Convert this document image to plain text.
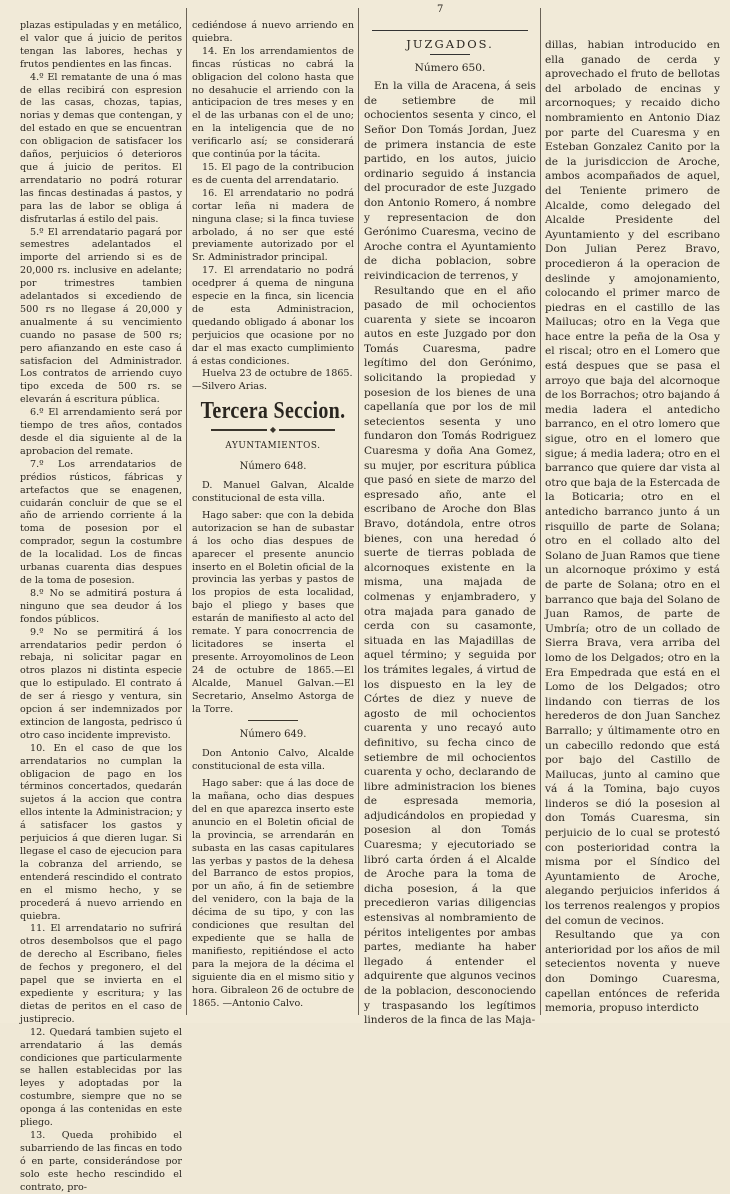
7

plazas estipuladas y en metálico, el valor que á juicio de peritos tengan las labores, hechas y frutos pendientes en las fincas.

4.º El rematante de una ó mas de ellas recibirá con espresion de las casas, chozas, tapias, norias y demas que contengan, y del estado en que se encuentran con obligacion de satisfacer los daños, perjuicios ó deterioros que á juicio de peritos. El arrendatario no podrá roturar las fincas destinadas á pastos, y para las de labor se obliga á disfrutarlas á estilo del pais.

5.º El arrendatario pagará por semestres adelantados el importe del arriendo si es de 20,000 rs. inclusive en adelante; por trimestres tambien adelantados si excediendo de 500 rs no llegase á 20,000 y anualmente á su vencimiento cuando no pasase de 500 rs; pero afianzando en este caso á satisfacion del Administrador. Los contratos de arriendo cuyo tipo exceda de 500 rs. se elevarán á escritura pública.

6.º El arrendamiento será por tiempo de tres años, contados desde el dia siguiente al de la aprobacion del remate.

7.º Los arrendatarios de prédios rústicos, fábricas y artefactos que se enagenen, cuidarán concluir de que se el año de arriendo corriente á la toma de posesion por el comprador, segun la costumbre de la localidad. Los de fincas urbanas cuarenta dias despues de la toma de posesion.

8.º No se admitirá postura á ninguno que sea deudor á los fondos públicos.

9.º No se permitirá á los arrendatarios pedir perdon ó rebaja, ni solicitar pagar en otros plazos ni distinta especie que lo estipulado. El contrato á de ser á riesgo y ventura, sin opcion á ser indemnizados por extincion de langosta, pedrisco ú otro caso incidente imprevisto.

10. En el caso de que los arrendatarios no cumplan la obligacion de pago en los términos concertados, quedarán sujetos á la accion que contra ellos intente la Administracion; y á satisfacer los gastos y perjuicios á que dieren lugar. Si llegase el caso de ejecucion para la cobranza del arriendo, se entenderá rescindido el contrato en el mismo hecho, y se procederá á nuevo arriendo en quiebra.

11. El arrendatario no sufrirá otros desembolsos que el pago de derecho al Escribano, fieles de fechos y pregonero, el del papel que se invierta en el expediente y escritura; y las dietas de peritos en el caso de justiprecio.

12. Quedará tambien sujeto el arrendatario á las demás condiciones que particularmente se hallen establecidas por las leyes y adoptadas por la costumbre, siempre que no se oponga á las contenidas en este pliego.

13. Queda prohibido el subarriendo de las fincas en todo ó en parte, considerándose por solo este hecho rescindido el contrato, pro-

cediéndose á nuevo arriendo en quiebra.

14. En los arrendamientos de fincas rústicas no cabrá la obligacion del colono hasta que no desahucie el arriendo con la anticipacion de tres meses y en el de las urbanas con el de uno; en la inteligencia que de no verificarlo así; se considerará que continúa por la tácita.

15. El pago de la contribucion es de cuenta del arrendatario.

16. El arrendatario no podrá cortar leña ni madera de ninguna clase; si la finca tuviese arbolado, á no ser que esté previamente autorizado por el Sr. Administrador principal.

17. El arrendatario no podrá ocedprer á quema de ninguna especie en la finca, sin licencia de esta Administracion, quedando obligado á abonar los perjuicios que ocasione por no dar el mas exacto cumplimiento á estas condiciones.

Huelva 23 de octubre de 1865. —Silvero Arias.

Tercera Seccion.
◆
AYUNTAMIENTOS.
Número 648.

D. Manuel Galvan, Alcalde constitucional de esta villa.

Hago saber: que con la debida autorizacion se han de subastar á los ocho dias despues de aparecer el presente anuncio inserto en el Boletin oficial de la provincia las yerbas y pastos de los propios de esta localidad, bajo el pliego y bases que estarán de manifiesto al acto del remate. Y para conocrrencia de licitadores se inserta el presente. Arroyomolinos de Leon 24 de octubre de 1865.—El Alcalde, Manuel Galvan.—El Secretario, Anselmo Astorga de la Torre.

Número 649.

Don Antonio Calvo, Alcalde constitucional de esta villa.

Hago saber: que á las doce de la mañana, ocho dias despues del en que aparezca inserto este anuncio en el Boletin oficial de la provincia, se arrendarán en subasta en las casas capitulares las yerbas y pastos de la dehesa del Barranco de estos propios, por un año, á fin de setiembre del venidero, con la baja de la décima de su tipo, y con las condiciones que resultan del expediente que se halla de manifiesto, repitiéndose el acto para la mejora de la décima el siguiente dia en el mismo sitio y hora. Gibraleon 26 de octubre de 1865. —Antonio Calvo.

JUZGADOS.
Número 650.

En la villa de Aracena, á seis de setiembre de mil ochocientos sesenta y cinco, el Señor Don Tomás Jordan, Juez de primera instancia de este partido, en los autos, juicio ordinario seguido á instancia del procurador de este Juzgado don Antonio Romero, á nombre y representacion de don Gerónimo Cuaresma, vecino de Aroche contra el Ayuntamiento de dicha poblacion, sobre reivindicacion de terrenos, y

Resultando que en el año pasado de mil ochocientos cuarenta y siete se incoaron autos en este Juzgado por don Tomás Cuaresma, padre legítimo del don Gerónimo, solicitando la propiedad y posesion de los bienes de una capellanía que por los de mil setecientos sesenta y uno fundaron don Tomás Rodriguez Cuaresma y doña Ana Gomez, su mujer, por escritura pública que pasó en siete de marzo del espresado año, ante el escribano de Aroche don Blas Bravo, dotándola, entre otros bienes, con una heredad ó suerte de tierras poblada de alcornoques existente en la misma, una majada de colmenas y enjambradero, y otra majada para ganado de cerda con su casamonte, situada en las Majadillas de aquel término; y seguida por los trámites legales, á virtud de los dispuesto en la ley de Córtes de diez y nueve de agosto de mil ochocientos cuarenta y uno recayó auto definitivo, su fecha cinco de setiembre de mil ochocientos cuarenta y ocho, declarando de libre administracion los bienes de espresada memoria, adjudicándolos en propiedad y posesion al don Tomás Cuaresma; y ejecutoriado se libró carta órden á el Alcalde de Aroche para la toma de dicha posesion, á la que precedieron varias diligencias estensivas al nombramiento de péritos inteligentes por ambas partes, mediante ha haber llegado á entender el adquirente que algunos vecinos de la poblacion, desconociendo y traspasando los legítimos linderos de la finca de las Maja-

dillas, habian introducido en ella ganado de cerda y aprovechado el fruto de bellotas del arbolado de encinas y arcornoques; y recaido dicho nombramiento en Antonio Diaz por parte del Cuaresma y en Esteban Gonzalez Canito por la de la jurisdiccion de Aroche, ambos acompañados de aquel, del Teniente primero de Alcalde, como delegado del Alcalde Presidente del Ayuntamiento y del escribano Don Julian Perez Bravo, procedieron á la operacion de deslinde y amojonamiento, colocando el primer marco de piedras en el castillo de las Mailucas; otro en la Vega que hace entre la peña de la Osa y el riscal; otro en el Lomero que está despues que se pasa el arroyo que baja del alcornoque de los Borrachos; otro bajando á media ladera el antedicho barranco, en el otro lomero que sigue, otro en el lomero que sigue; á media ladera; otro en el barranco que quiere dar vista al otro que baja de la Estercada de la Boticaria; otro en el antedicho barranco junto á un risquillo de parte de Solana; otro en el collado alto del Solano de Juan Ramos que tiene un alcornoque próximo y está de parte de Solana; otro en el barranco que baja del Solano de Juan Ramos, de parte de Umbría; otro de un collado de Sierra Brava, vera arriba del lomo de los Delgados; otro en la Era Empedrada que está en el Lomo de los Delgados; otro lindando con tierras de los herederos de don Juan Sanchez Barrallo; y últimamente otro en un cabecillo redondo que está por bajo del Castillo de Mailucas, junto al camino que vá á la Tomina, bajo cuyos linderos se dió la posesion al don Tomás Cuaresma, sin perjuicio de lo cual se protestó con posterioridad contra la misma por el Síndico del Ayuntamiento de Aroche, alegando perjuicios inferidos á los terrenos realengos y propios del comun de vecinos.

Resultando que ya con anterioridad por los años de mil setecientos noventa y nueve don Domingo Cuaresma, capellan entónces de referida memoria, propuso interdicto
